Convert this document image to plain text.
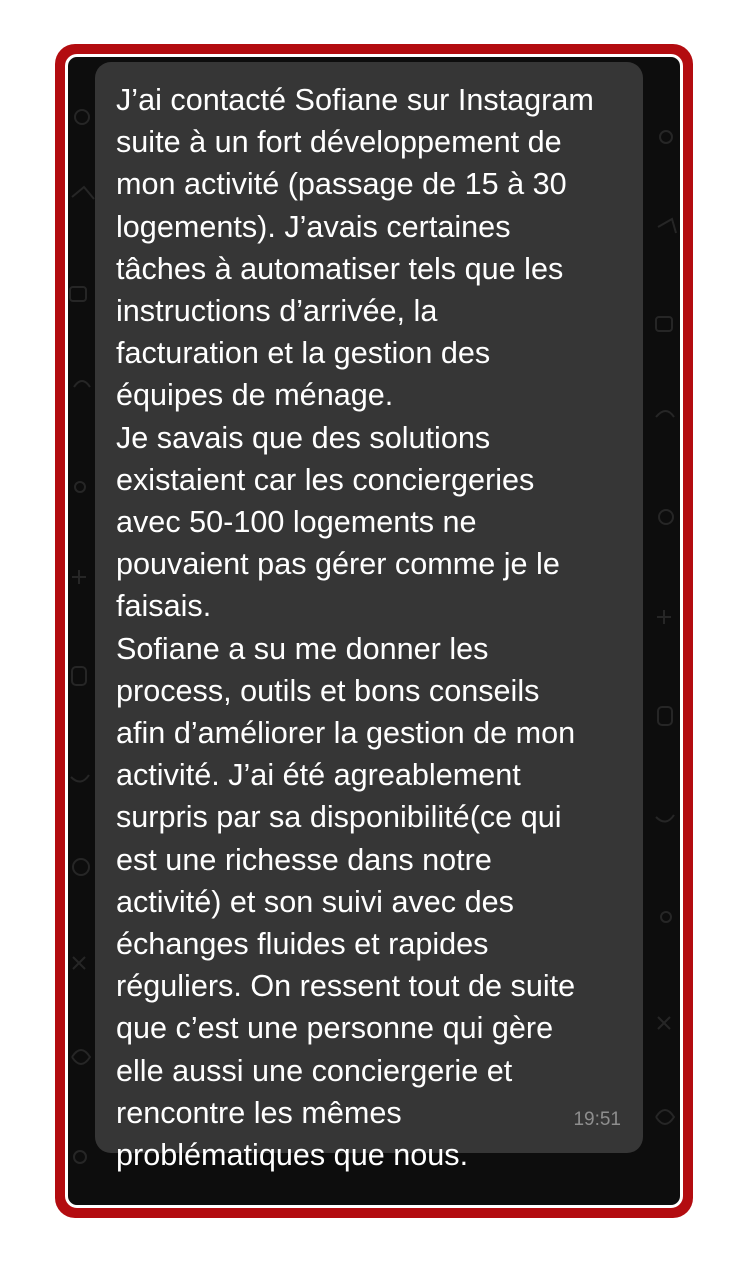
J’ai contacté Sofiane sur Instagram
suite à un fort développement de
mon activité (passage de 15 à 30
logements). J’avais certaines
tâches à automatiser tels que les
instructions d’arrivée, la
facturation et la gestion des
équipes de ménage.
Je savais que des solutions
existaient car les conciergeries
avec 50-100 logements ne
pouvaient pas gérer comme je le
faisais.
Sofiane a su me donner les
process, outils et bons conseils
afin d’améliorer la gestion de mon
activité. J’ai été agreablement
surpris par sa disponibilité(ce qui
est une richesse dans notre
activité) et son suivi avec des
échanges fluides et rapides
réguliers. On ressent tout de suite
que c’est une personne qui gère
elle aussi une conciergerie et
rencontre les mêmes
problématiques que nous.

19:51
